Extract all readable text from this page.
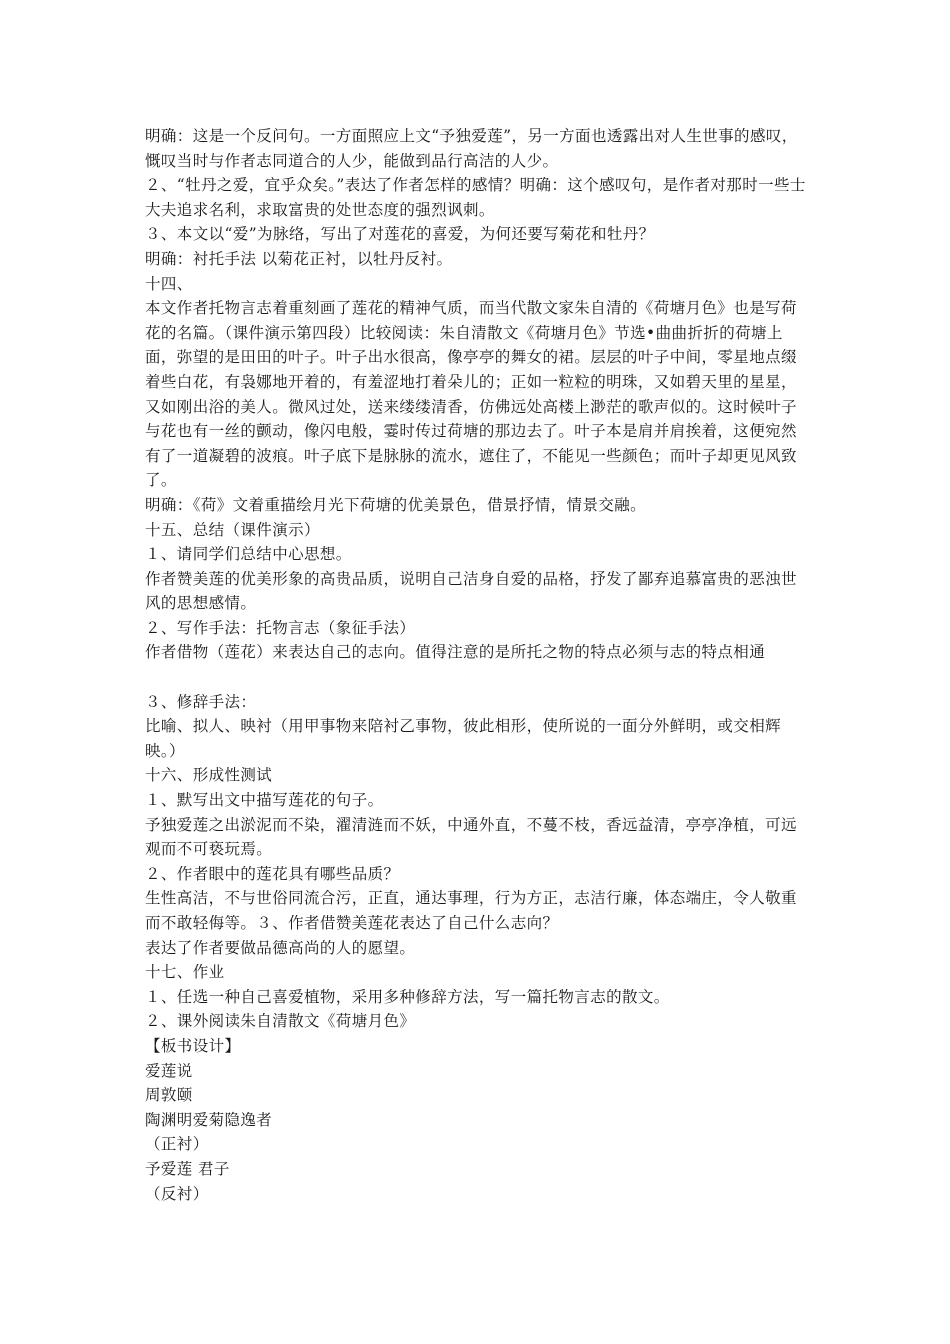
明确：这是一个反问句。一方面照应上文“予独爱莲”，另一方面也透露出对人生世事的感叹，慨叹当时与作者志同道合的人少，能做到品行高洁的人少。

２、“牡丹之爱，宜乎众矣。”表达了作者怎样的感情？明确：这个感叹句，是作者对那时一些士大夫追求名利，求取富贵的处世态度的强烈讽刺。

３、本文以“爱”为脉络，写出了对莲花的喜爱，为何还要写菊花和牡丹？

明确：衬托手法 以菊花正衬，以牡丹反衬。

十四、

本文作者托物言志着重刻画了莲花的精神气质，而当代散文家朱自清的《荷塘月色》也是写荷花的名篇。（课件演示第四段）比较阅读：朱自清散文《荷塘月色》节选•曲曲折折的荷塘上面，弥望的是田田的叶子。叶子出水很高，像亭亭的舞女的裙。层层的叶子中间，零星地点缀着些白花，有袅娜地开着的，有羞涩地打着朵儿的；正如一粒粒的明珠，又如碧天里的星星，又如刚出浴的美人。微风过处，送来缕缕清香，仿佛远处高楼上渺茫的歌声似的。这时候叶子与花也有一丝的颤动，像闪电般，霎时传过荷塘的那边去了。叶子本是肩并肩挨着，这便宛然有了一道凝碧的波痕。叶子底下是脉脉的流水，遮住了，不能见一些颜色；而叶子却更见风致了。

明确：《荷》文着重描绘月光下荷塘的优美景色，借景抒情，情景交融。

十五、总结（课件演示）

１、请同学们总结中心思想。

作者赞美莲的优美形象的高贵品质，说明自己洁身自爱的品格，抒发了鄙弃追慕富贵的恶浊世风的思想感情。

２、写作手法：托物言志（象征手法）

作者借物（莲花）来表达自己的志向。值得注意的是所托之物的特点必须与志的特点相通

３、修辞手法：

比喻、拟人、映衬（用甲事物来陪衬乙事物，彼此相形，使所说的一面分外鲜明，或交相辉映。）

十六、形成性测试

１、默写出文中描写莲花的句子。

予独爱莲之出淤泥而不染，濯清涟而不妖，中通外直，不蔓不枝，香远益清，亭亭净植，可远观而不可亵玩焉。

２、作者眼中的莲花具有哪些品质？

生性高洁，不与世俗同流合污，正直，通达事理，行为方正，志洁行廉，体态端庄，令人敬重而不敢轻侮等。３、作者借赞美莲花表达了自己什么志向？

表达了作者要做品德高尚的人的愿望。

十七、作业

１、任选一种自己喜爱植物，采用多种修辞方法，写一篇托物言志的散文。

２、课外阅读朱自清散文《荷塘月色》

【板书设计】

爱莲说

周敦颐

陶渊明爱菊隐逸者

（正衬）

予爱莲 君子

（反衬）
